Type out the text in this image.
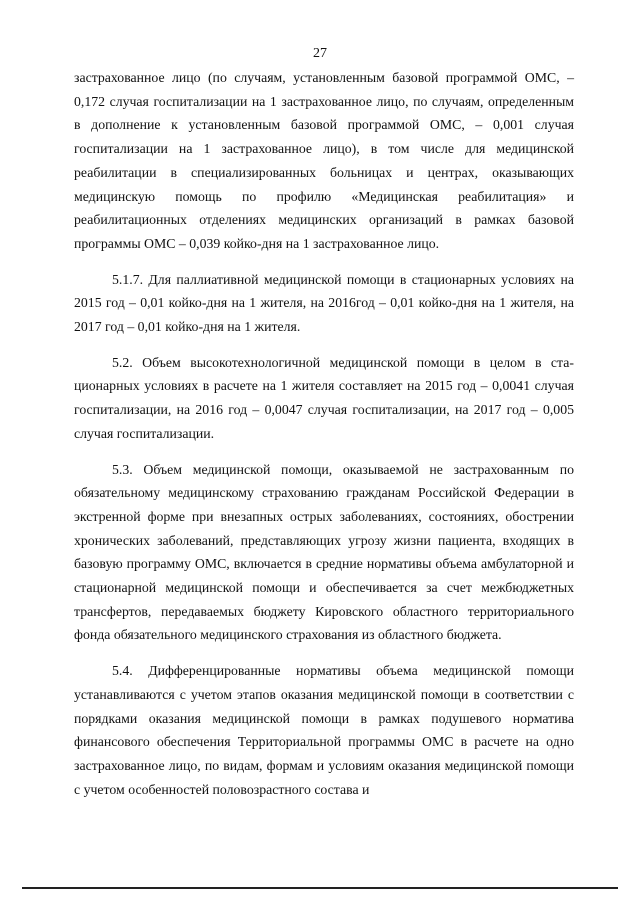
27

застрахованное лицо (по случаям, установленным базовой программой ОМС, – 0,172 случая госпитализации на 1 застрахованное лицо, по случаям, определенным в дополнение к установленным базовой программой ОМС, – 0,001 случая госпитализации на 1 застрахованное лицо), в том числе для медицинской реабилитации в специализированных больницах и центрах, оказывающих медицинскую помощь по профилю «Медицинская реабилитация» и реабилитационных отделениях медицинских организаций в рамках базовой программы ОМС – 0,039 койко-дня на 1 застрахованное лицо.

5.1.7. Для паллиативной медицинской помощи в стационарных условиях на 2015 год – 0,01 койко-дня на 1 жителя, на 2016год – 0,01 койко-дня на 1 жителя, на 2017 год – 0,01 койко-дня на 1 жителя.

5.2. Объем высокотехнологичной медицинской помощи в целом в стационарных условиях в расчете на 1 жителя составляет на 2015 год – 0,0041 случая госпитализации, на 2016 год – 0,0047 случая госпитализации, на 2017 год – 0,005 случая госпитализации.

5.3. Объем медицинской помощи, оказываемой не застрахованным по обязательному медицинскому страхованию гражданам Российской Федерации в экстренной форме при внезапных острых заболеваниях, состояниях, обострении хронических заболеваний, представляющих угрозу жизни пациента, входящих в базовую программу ОМС, включается в средние нормативы объема амбулаторной и стационарной медицинской помощи и обеспечивается за счет межбюджетных трансфертов, передаваемых бюджету Кировского областного территориального фонда обязательного медицинского страхования из областного бюджета.

5.4. Дифференцированные нормативы объема медицинской помощи устанавливаются с учетом этапов оказания медицинской помощи в соответствии с порядками оказания медицинской помощи в рамках подушевого норматива финансового обеспечения Территориальной программы ОМС в расчете на одно застрахованное лицо, по видам, формам и условиям оказания медицинской помощи с учетом особенностей половозрастного состава и
